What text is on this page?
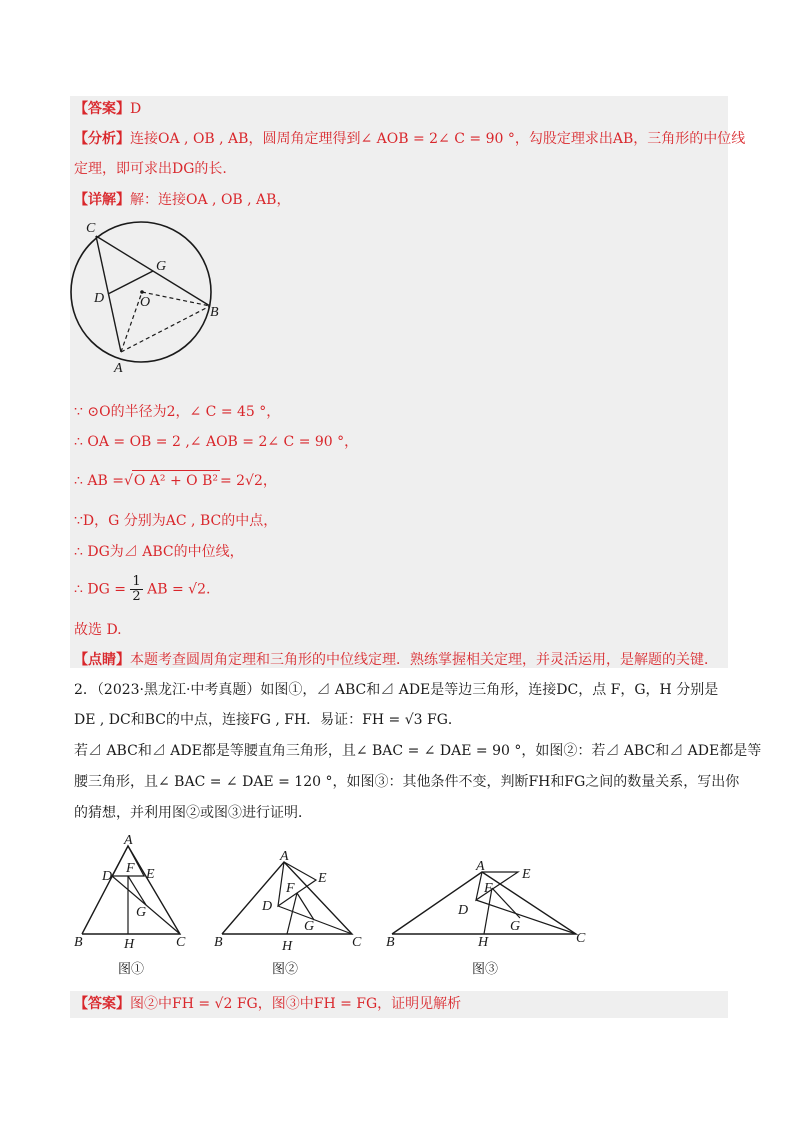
【答案】D
【分析】连接OA , OB , AB，圆周角定理得到∠ AOB = 2∠ C = 90 °，勾股定理求出AB，三角形的中位线
定理，即可求出DG的长.
【详解】解：连接OA , OB , AB，
C
G
D	O
B
A
∵ ⊙O的半径为2，∠ C = 45 °，
∴ OA = OB = 2 ,∠ AOB = 2∠ C = 90 °，
∴ AB =√O A² + O B² = 2√2，
∵D，G 分别为AC , BC的中点，
∴ DG为⊿ ABC的中位线，
∴ DG = $\frac{1}{2}$ AB = √2.
故选 D.
【点睛】本题考查圆周角定理和三角形的中位线定理．熟练掌握相关定理，并灵活运用，是解题的关键．
2．（2023·黑龙江·中考真题）如图①，⊿ ABC和⊿ ADE是等边三角形，连接DC，点 F，G，H 分别是
DE , DC和BC的中点，连接FG , FH．易证：FH = √3 FG．
若⊿ ABC和⊿ ADE都是等腰直角三角形，且∠ BAC = ∠ DAE = 90 °，如图②：若⊿ ABC和⊿ ADE都是等
腰三角形，且∠ BAC = ∠ DAE = 120 °，如图③：其他条件不变，判断FH和FG之间的数量关系，写出你
的猜想，并利用图②或图③进行证明．
A
D
F E
G
B	H	C
A
E
F
D
G
B	H	C
A
E
F
D
G
B	H	C
图①	图②	图③
【答案】图②中FH = √2 FG，图③中FH = FG，证明见解析
